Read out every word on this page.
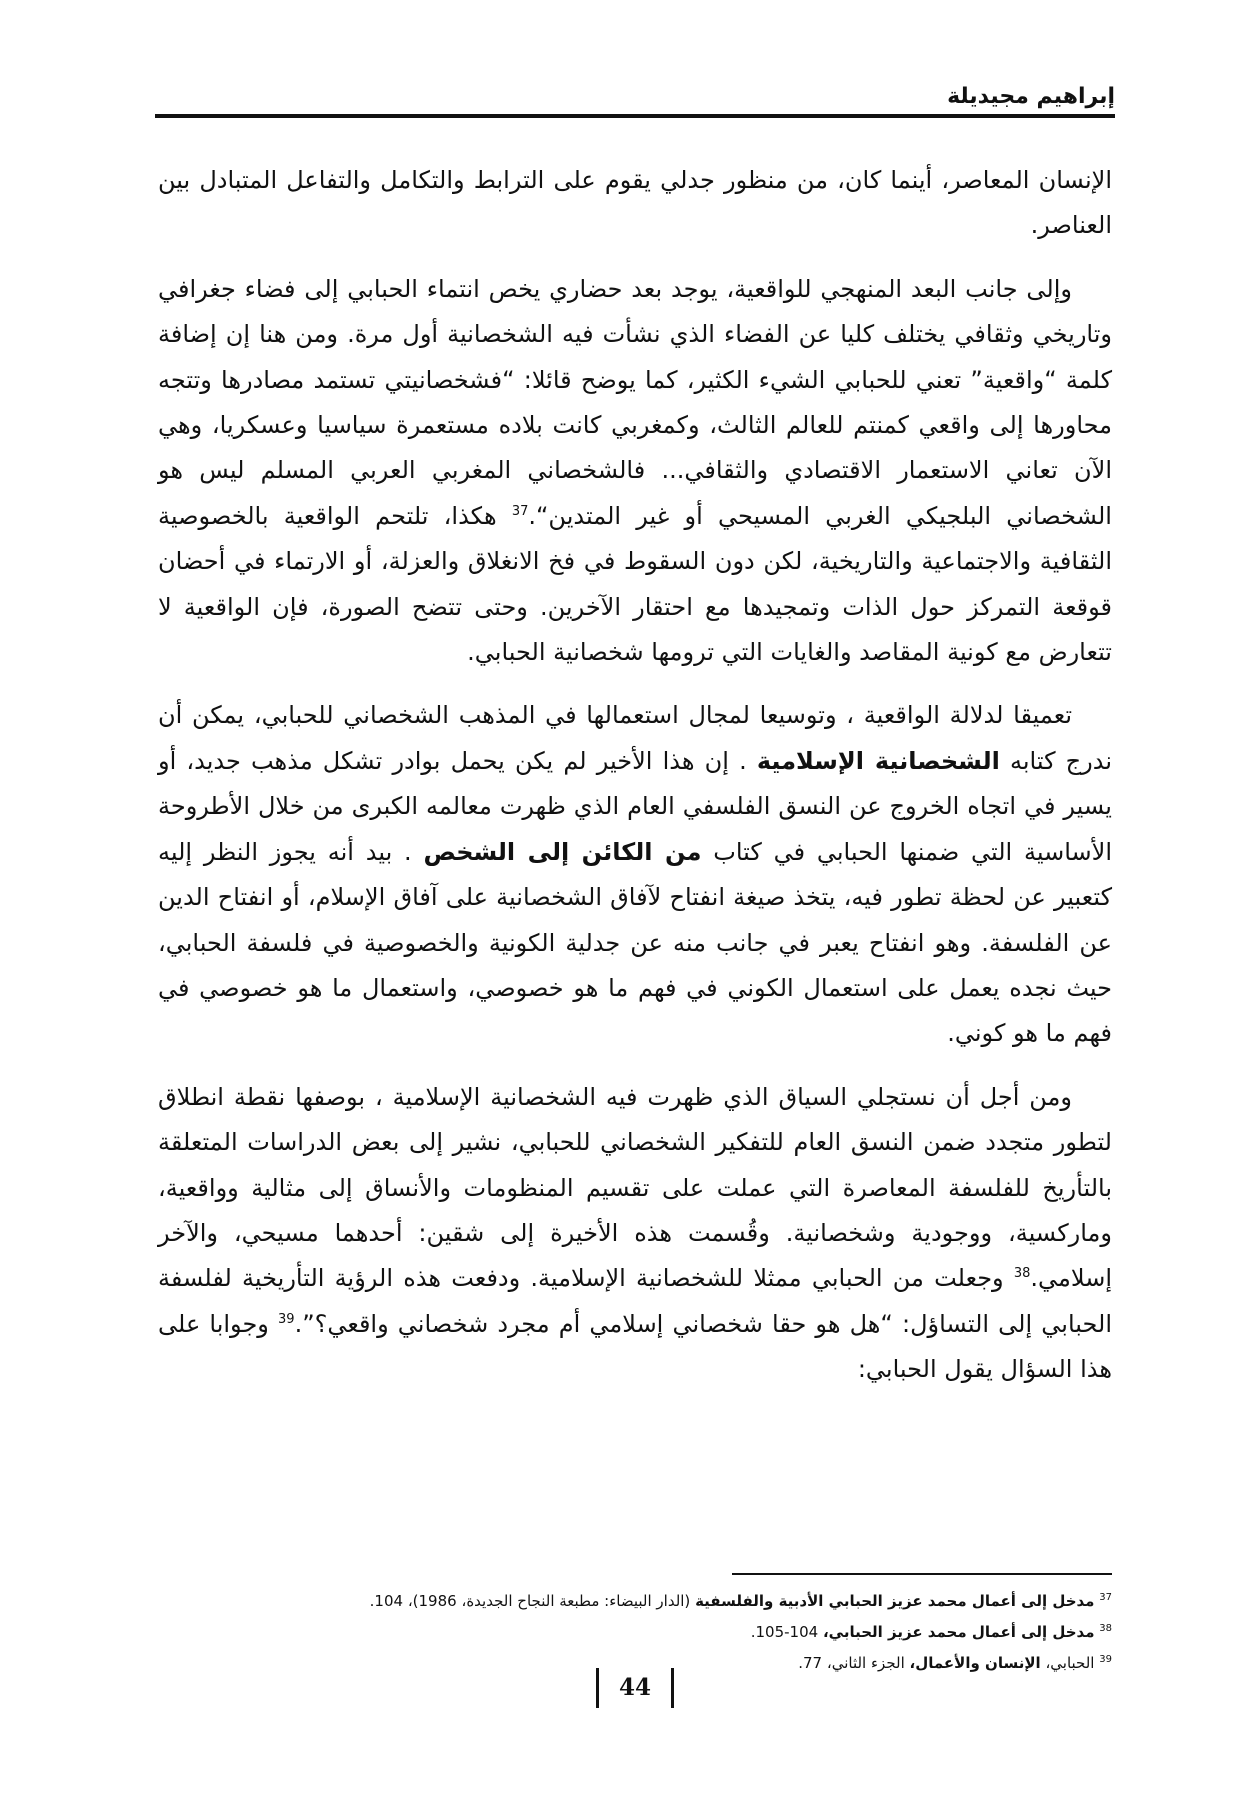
إبراهيم مجيديلة

الإنسان المعاصر، أينما كان، من منظور جدلي يقوم على الترابط والتكامل والتفاعل المتبادل بين العناصر.

وإلى جانب البعد المنهجي للواقعية، يوجد بعد حضاري يخص انتماء الحبابي إلى فضاء جغرافي وتاريخي وثقافي يختلف كليا عن الفضاء الذي نشأت فيه الشخصانية أول مرة. ومن هنا إن إضافة كلمة “واقعية” تعني للحبابي الشيء الكثير، كما يوضح قائلا: “فشخصانيتي تستمد مصادرها وتتجه محاورها إلى واقعي كمنتم للعالم الثالث، وكمغربي كانت بلاده مستعمرة سياسيا وعسكريا، وهي الآن تعاني الاستعمار الاقتصادي والثقافي... فالشخصاني المغربي العربي المسلم ليس هو الشخصاني البلجيكي الغربي المسيحي أو غير المتدين“.$^{37}$ هكذا، تلتحم الواقعية بالخصوصية الثقافية والاجتماعية والتاريخية، لكن دون السقوط في فخ الانغلاق والعزلة، أو الارتماء في أحضان قوقعة التمركز حول الذات وتمجيدها مع احتقار الآخرين. وحتى تتضح الصورة، فإن الواقعية لا تتعارض مع كونية المقاصد والغايات التي ترومها شخصانية الحبابي.

تعميقا لدلالة الواقعية ، وتوسيعا لمجال استعمالها في المذهب الشخصاني للحبابي، يمكن أن ندرج كتابه الشخصانية الإسلامية . إن هذا الأخير لم يكن يحمل بوادر تشكل مذهب جديد، أو يسير في اتجاه الخروج عن النسق الفلسفي العام الذي ظهرت معالمه الكبرى من خلال الأطروحة الأساسية التي ضمنها الحبابي في كتاب من الكائن إلى الشخص . بيد أنه يجوز النظر إليه كتعبير عن لحظة تطور فيه، يتخذ صيغة انفتاح لآفاق الشخصانية على آفاق الإسلام، أو انفتاح الدين عن الفلسفة. وهو انفتاح يعبر في جانب منه عن جدلية الكونية والخصوصية في فلسفة الحبابي، حيث نجده يعمل على استعمال الكوني في فهم ما هو خصوصي، واستعمال ما هو خصوصي في فهم ما هو كوني.

ومن أجل أن نستجلي السياق الذي ظهرت فيه الشخصانية الإسلامية ، بوصفها نقطة انطلاق لتطور متجدد ضمن النسق العام للتفكير الشخصاني للحبابي، نشير إلى بعض الدراسات المتعلقة بالتأريخ للفلسفة المعاصرة التي عملت على تقسيم المنظومات والأنساق إلى مثالية وواقعية، وماركسية، ووجودية وشخصانية. وقُسمت هذه الأخيرة إلى شقين: أحدهما مسيحي، والآخر إسلامي.$^{38}$ وجعلت من الحبابي ممثلا للشخصانية الإسلامية. ودفعت هذه الرؤية التأريخية لفلسفة الحبابي إلى التساؤل: “هل هو حقا شخصاني إسلامي أم مجرد شخصاني واقعي؟”.$^{39}$ وجوابا على هذا السؤال يقول الحبابي:

$^{37}$ مدخل إلى أعمال محمد عزيز الحبابي الأدبية والفلسفية (الدار البيضاء: مطبعة النجاح الجديدة، 1986)، 104.
$^{38}$ مدخل إلى أعمال محمد عزيز الحبابي، 104-105.
$^{39}$ الحبابي، الإنسان والأعمال، الجزء الثاني، 77.
44
